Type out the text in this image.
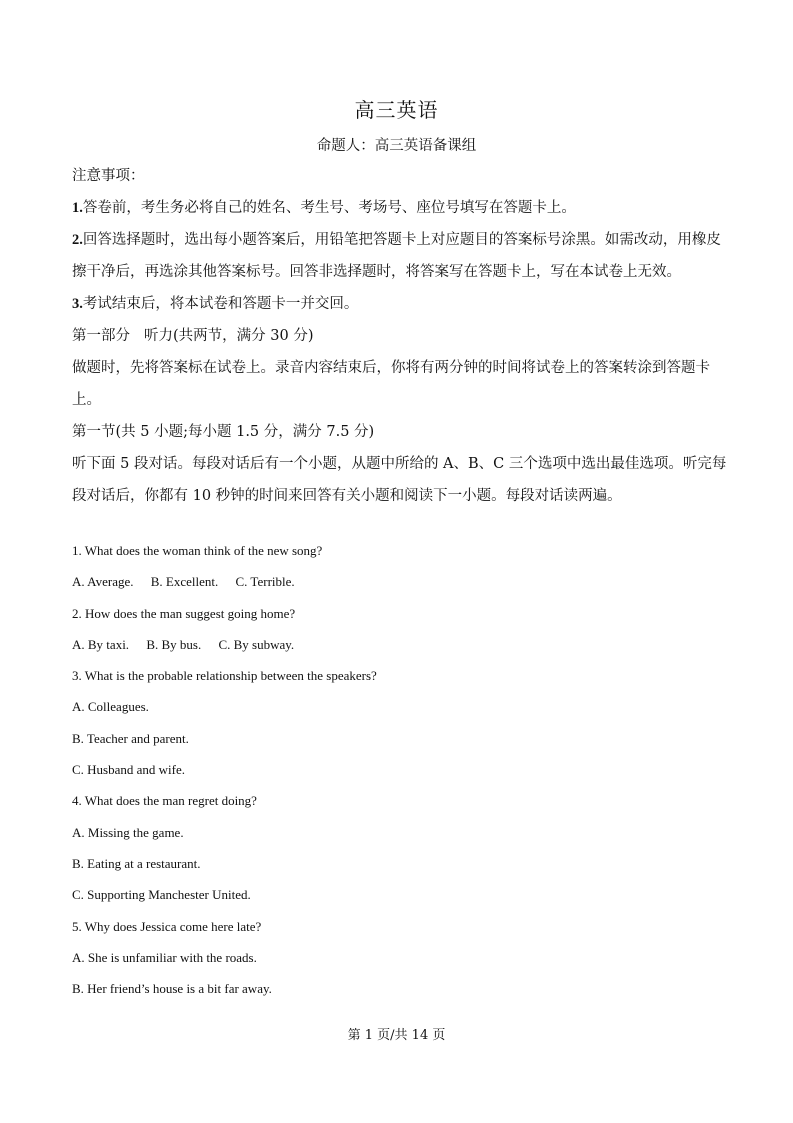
高三英语
命题人：高三英语备课组

注意事项：

1.答卷前，考生务必将自己的姓名、考生号、考场号、座位号填写在答题卡上。

2.回答选择题时，选出每小题答案后，用铅笔把答题卡上对应题目的答案标号涂黑。如需改动，用橡皮擦干净后，再选涂其他答案标号。回答非选择题时，将答案写在答题卡上，写在本试卷上无效。

3.考试结束后，将本试卷和答题卡一并交回。

第一部分 听力(共两节，满分 30 分)

做题时，先将答案标在试卷上。录音内容结束后，你将有两分钟的时间将试卷上的答案转涂到答题卡上。

第一节(共 5 小题;每小题 1.5 分，满分 7.5 分)

听下面 5 段对话。每段对话后有一个小题，从题中所给的 A、B、C 三个选项中选出最佳选项。听完每段对话后，你都有 10 秒钟的时间来回答有关小题和阅读下一小题。每段对话读两遍。

1. What does the woman think of the new song?

A. Average. B. Excellent. C. Terrible.

2. How does the man suggest going home?

A. By taxi. B. By bus. C. By subway.

3. What is the probable relationship between the speakers?

A. Colleagues.

B. Teacher and parent.

C. Husband and wife.

4. What does the man regret doing?

A. Missing the game.

B. Eating at a restaurant.

C. Supporting Manchester United.

5. Why does Jessica come here late?

A. She is unfamiliar with the roads.

B. Her friend’s house is a bit far away.

第 1 页/共 14 页
